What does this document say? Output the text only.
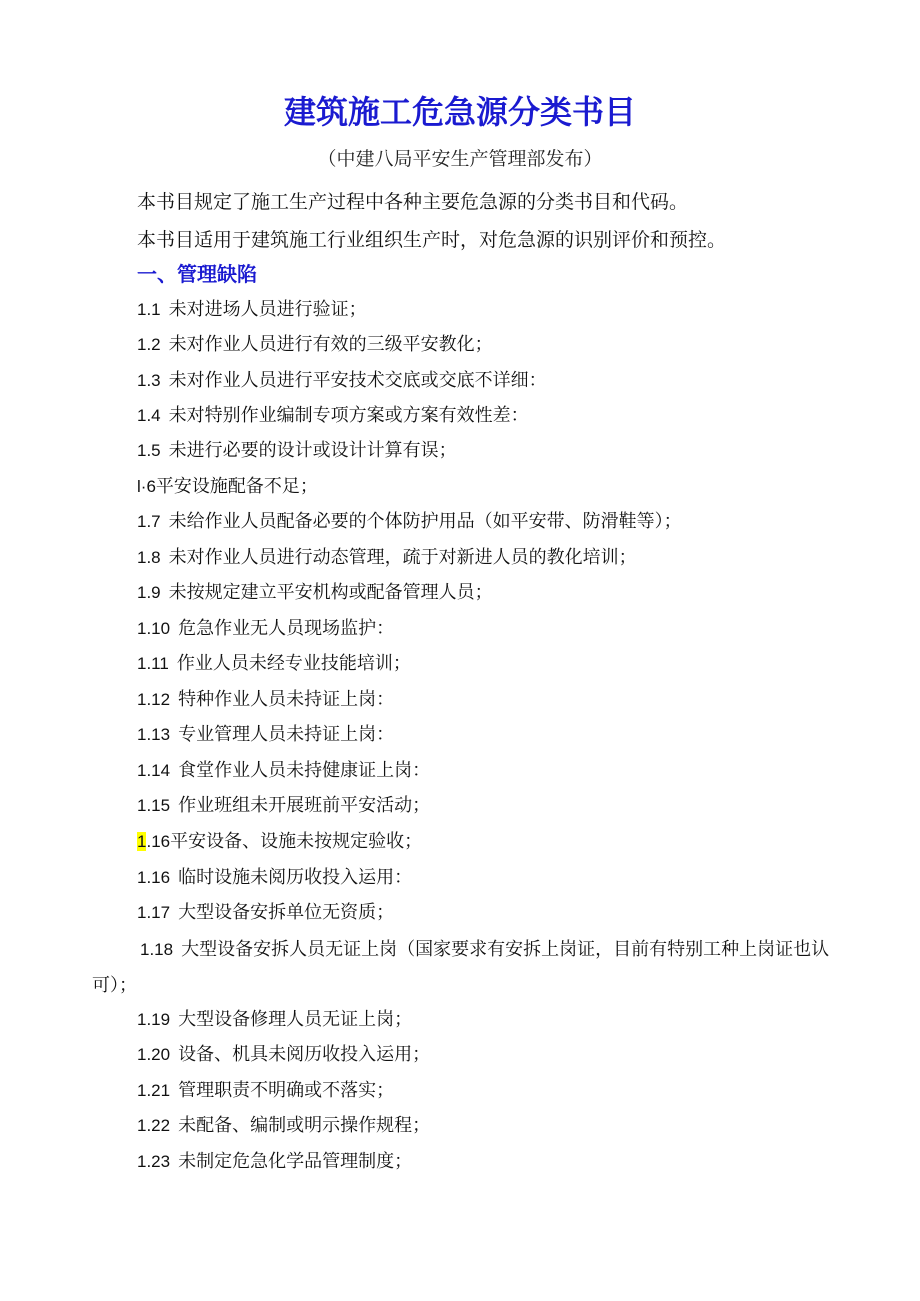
建筑施工危急源分类书目
（中建八局平安生产管理部发布）
本书目规定了施工生产过程中各种主要危急源的分类书目和代码。
本书目适用于建筑施工行业组织生产时，对危急源的识别评价和预控。
一、管理缺陷
1.1 未对进场人员进行验证；
1.2 未对作业人员进行有效的三级平安教化；
1.3 未对作业人员进行平安技术交底或交底不详细：
1.4 未对特别作业编制专项方案或方案有效性差：
1.5 未进行必要的设计或设计计算有误；
l·6平安设施配备不足；
1.7 未给作业人员配备必要的个体防护用品（如平安带、防滑鞋等）；
1.8 未对作业人员进行动态管理，疏于对新进人员的教化培训；
1.9 未按规定建立平安机构或配备管理人员；
1.10 危急作业无人员现场监护：
1.11 作业人员未经专业技能培训；
1.12 特种作业人员未持证上岗：
1.13 专业管理人员未持证上岗：
1.14 食堂作业人员未持健康证上岗：
1.15 作业班组未开展班前平安活动；
1.16平安设备、设施未按规定验收；
1.16 临时设施未阅历收投入运用：
1.17 大型设备安拆单位无资质；
1.18 大型设备安拆人员无证上岗（国家要求有安拆上岗证，目前有特别工种上岗证也认可）；
1.19 大型设备修理人员无证上岗；
1.20 设备、机具未阅历收投入运用；
1.21 管理职责不明确或不落实；
1.22 未配备、编制或明示操作规程；
1.23 未制定危急化学品管理制度；
